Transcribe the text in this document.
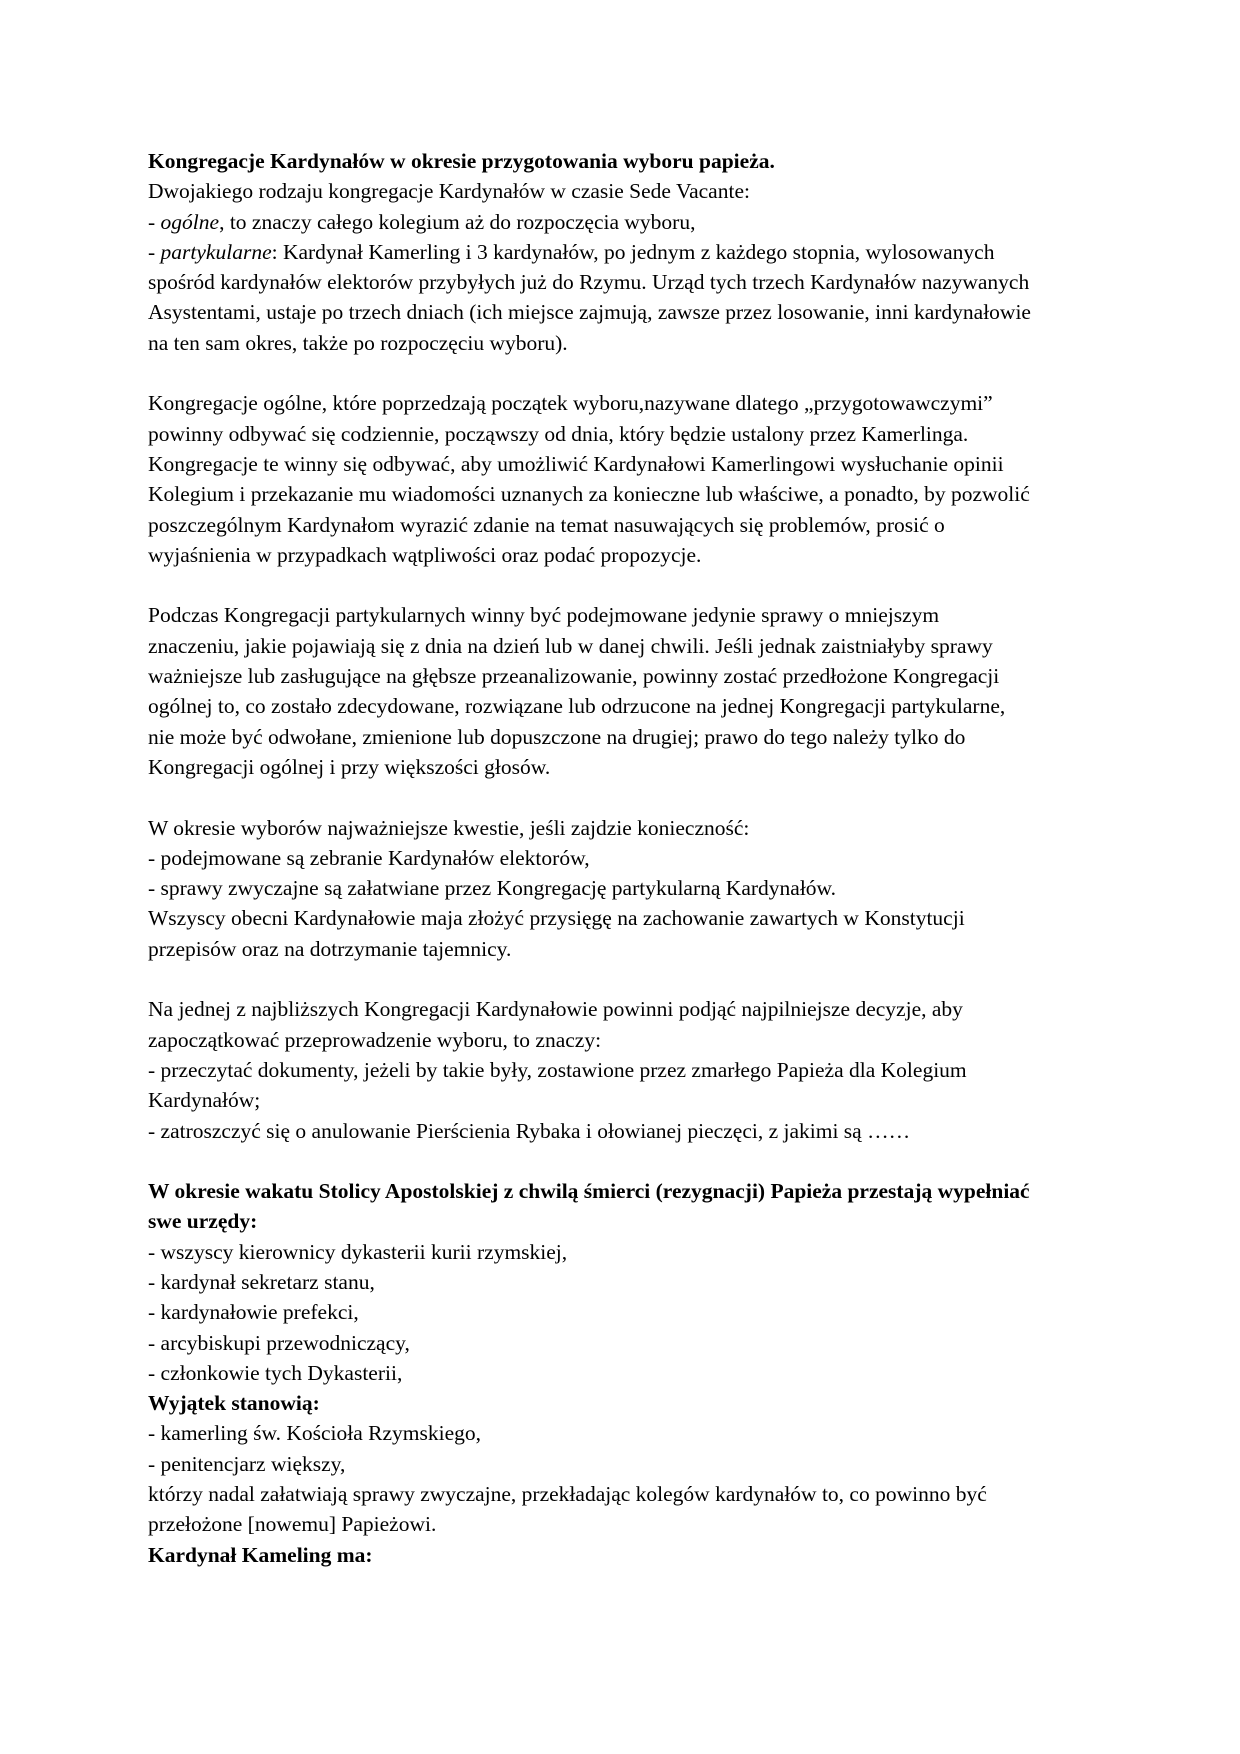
Kongregacje Kardynałów w okresie przygotowania wyboru papieża.
Dwojakiego rodzaju kongregacje Kardynałów w czasie Sede Vacante:
- ogólne, to znaczy całego kolegium aż do rozpoczęcia wyboru,
- partykularne: Kardynał Kamerling i 3 kardynałów, po jednym z każdego stopnia, wylosowanych
spośród kardynałów elektorów przybyłych już do Rzymu. Urząd tych trzech Kardynałów nazywanych
Asystentami, ustaje po trzech dniach (ich miejsce zajmują, zawsze przez losowanie, inni kardynałowie
na ten sam okres, także po rozpoczęciu wyboru).
Kongregacje ogólne, które poprzedzają początek wyboru,nazywane dlatego „przygotowawczymi”
powinny odbywać się codziennie, począwszy od dnia, który będzie ustalony przez Kamerlinga.
Kongregacje te winny się odbywać, aby umożliwić Kardynałowi Kamerlingowi wysłuchanie opinii
Kolegium i przekazanie mu wiadomości uznanych za konieczne lub właściwe, a ponadto, by pozwolić
poszczególnym Kardynałom wyrazić zdanie na temat nasuwających się problemów, prosić o
wyjaśnienia w przypadkach wątpliwości oraz podać propozycje.
Podczas Kongregacji partykularnych winny być podejmowane jedynie sprawy o mniejszym
znaczeniu, jakie pojawiają się z dnia na dzień lub w danej chwili. Jeśli jednak zaistniałyby sprawy
ważniejsze lub zasługujące na głębsze przeanalizowanie, powinny zostać przedłożone Kongregacji
ogólnej to, co zostało zdecydowane, rozwiązane lub odrzucone na jednej Kongregacji partykularne,
nie może być odwołane, zmienione lub dopuszczone na drugiej; prawo do tego należy tylko do
Kongregacji ogólnej i przy większości głosów.
W okresie wyborów najważniejsze kwestie, jeśli zajdzie konieczność:
- podejmowane są zebranie Kardynałów elektorów,
- sprawy zwyczajne są załatwiane przez Kongregację partykularną Kardynałów.
Wszyscy obecni Kardynałowie maja złożyć przysięgę na zachowanie zawartych w Konstytucji
przepisów oraz na dotrzymanie tajemnicy.
Na jednej z najbliższych Kongregacji Kardynałowie powinni podjąć najpilniejsze decyzje, aby
zapoczątkować przeprowadzenie wyboru, to znaczy:
- przeczytać dokumenty, jeżeli by takie były, zostawione przez zmarłego Papieża dla Kolegium
Kardynałów;
- zatroszczyć się o anulowanie Pierścienia Rybaka i ołowianej pieczęci, z jakimi są ……
W okresie wakatu Stolicy Apostolskiej z chwilą śmierci (rezygnacji) Papieża przestają wypełniać
swe urzędy:
- wszyscy kierownicy dykasterii kurii rzymskiej,
- kardynał sekretarz stanu,
- kardynałowie prefekci,
- arcybiskupi przewodniczący,
- członkowie tych Dykasterii,
Wyjątek stanowią:
- kamerling św. Kościoła Rzymskiego,
- penitencjarz większy,
którzy nadal załatwiają sprawy zwyczajne, przekładając kolegów kardynałów to, co powinno być
przełożone [nowemu] Papieżowi.
Kardynał Kameling ma:
